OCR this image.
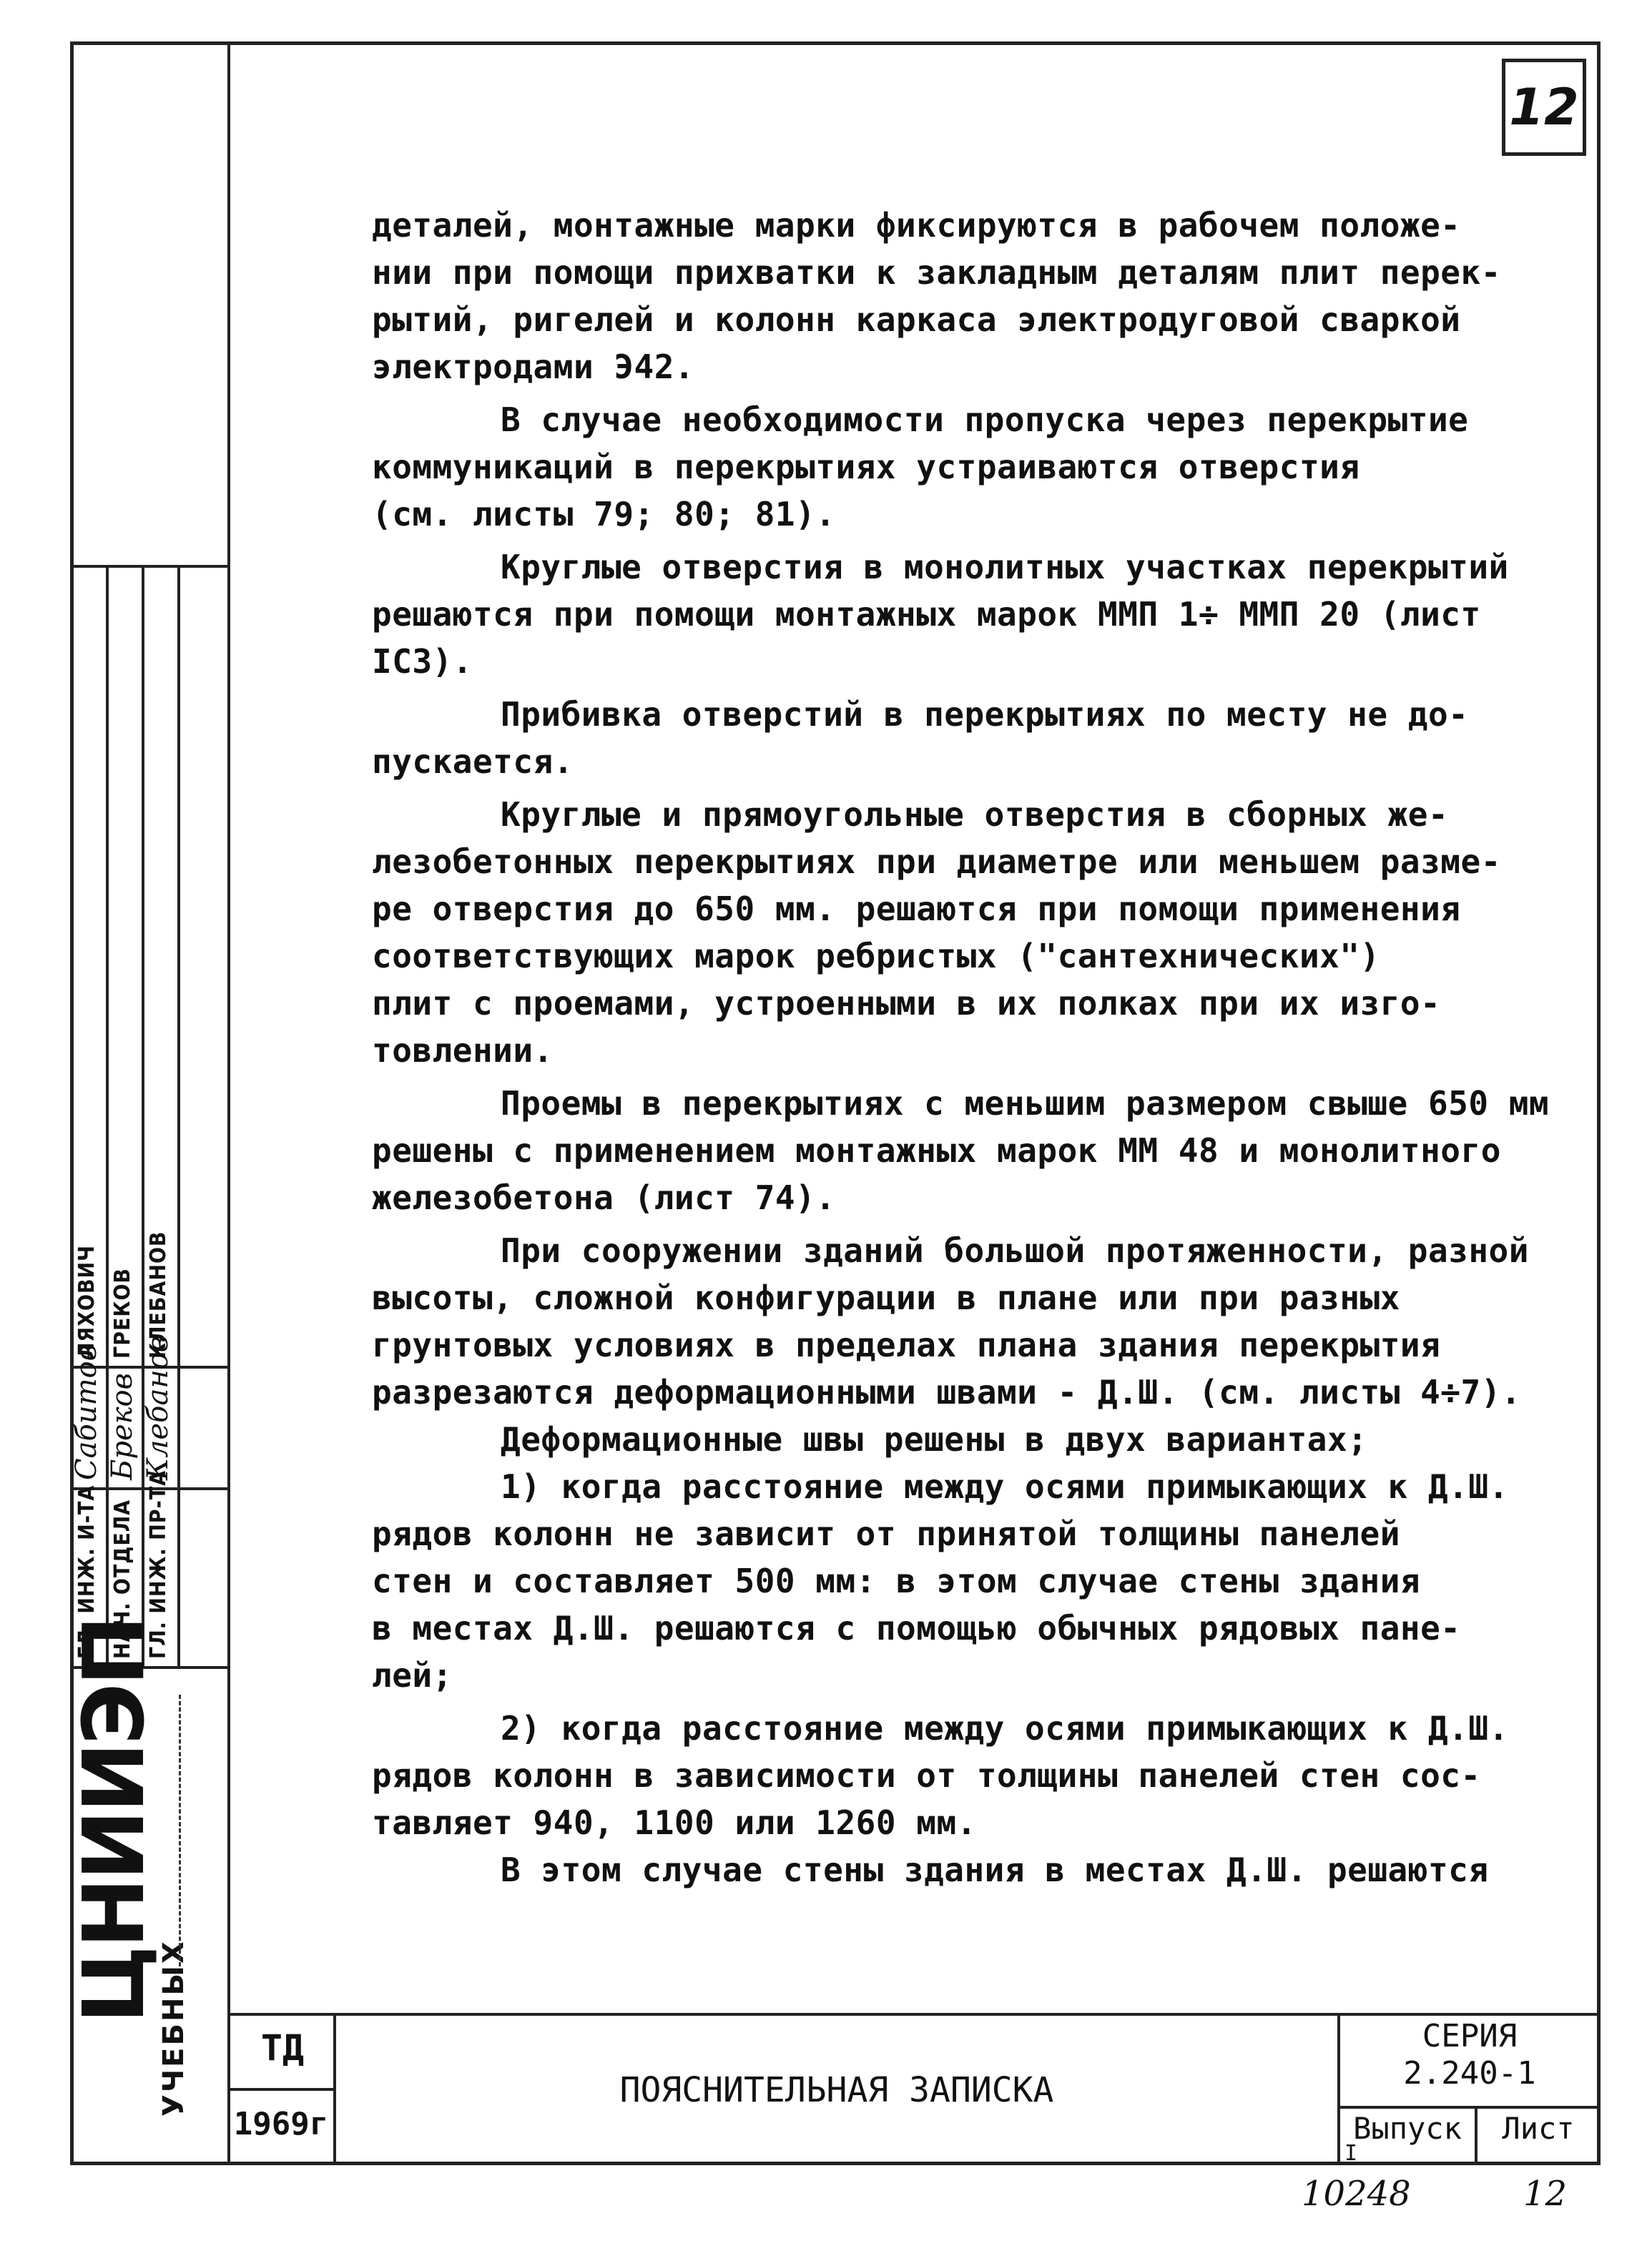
12

деталей, монтажные марки фиксируются в рабочем положе-
нии при помощи прихватки к закладным деталям плит перек-
рытий, ригелей и колонн каркаса электродуговой сваркой
электродами Э42.

В случае необходимости пропуска через перекрытие
коммуникаций в перекрытиях устраиваются отверстия
(см. листы 79; 80; 81).

Круглые отверстия в монолитных участках перекрытий
решаются при помощи монтажных марок ММП 1÷ ММП 20 (лист
IC3).

Прибивка отверстий в перекрытиях по месту не до-
пускается.

Круглые и прямоугольные отверстия в сборных же-
лезобетонных перекрытиях при диаметре или меньшем разме-
ре отверстия до 650 мм. решаются при помощи применения
соответствующих марок ребристых ("сантехнических")
плит с проемами, устроенными в их полках при их изго-
товлении.

Проемы в перекрытиях с меньшим размером свыше 650 мм
решены с применением монтажных марок ММ 48 и монолитного
железобетона (лист 74).

При сооружении зданий большой протяженности, разной
высоты, сложной конфигурации в плане или при разных
грунтовых условиях в пределах плана здания перекрытия
разрезаются деформационными швами - Д.Ш. (см. листы 4÷7).

Деформационные швы решены в двух вариантах;

1) когда расстояние между осями примыкающих к Д.Ш.
рядов колонн не зависит от принятой толщины панелей
стен и составляет 500 мм: в этом случае стены здания
в местах Д.Ш. решаются с помощью обычных рядовых пане-
лей;

2) когда расстояние между осями примыкающих к Д.Ш.
рядов колонн в зависимости от толщины панелей стен сос-
тавляет 940, 1100 или 1260 мм.

В этом случае стены здания в местах Д.Ш. решаются

ГЛ. ИНЖ. И-ТА НАЧ. ОТДЕЛА ГЛ. ИНЖ. ПР-ТА
Сабитов Бреков Клебанов
ЛЯХОВИЧ ГРЕКОВ КЛЕБАНОВ
ЦНИИЭП
УЧЕБНЫХ	ТД
1969г
ПОЯСНИТЕЛЬНАЯ ЗАПИСКА
СЕРИЯ
2.240-1
Выпуск
I
Лист
10248	12
